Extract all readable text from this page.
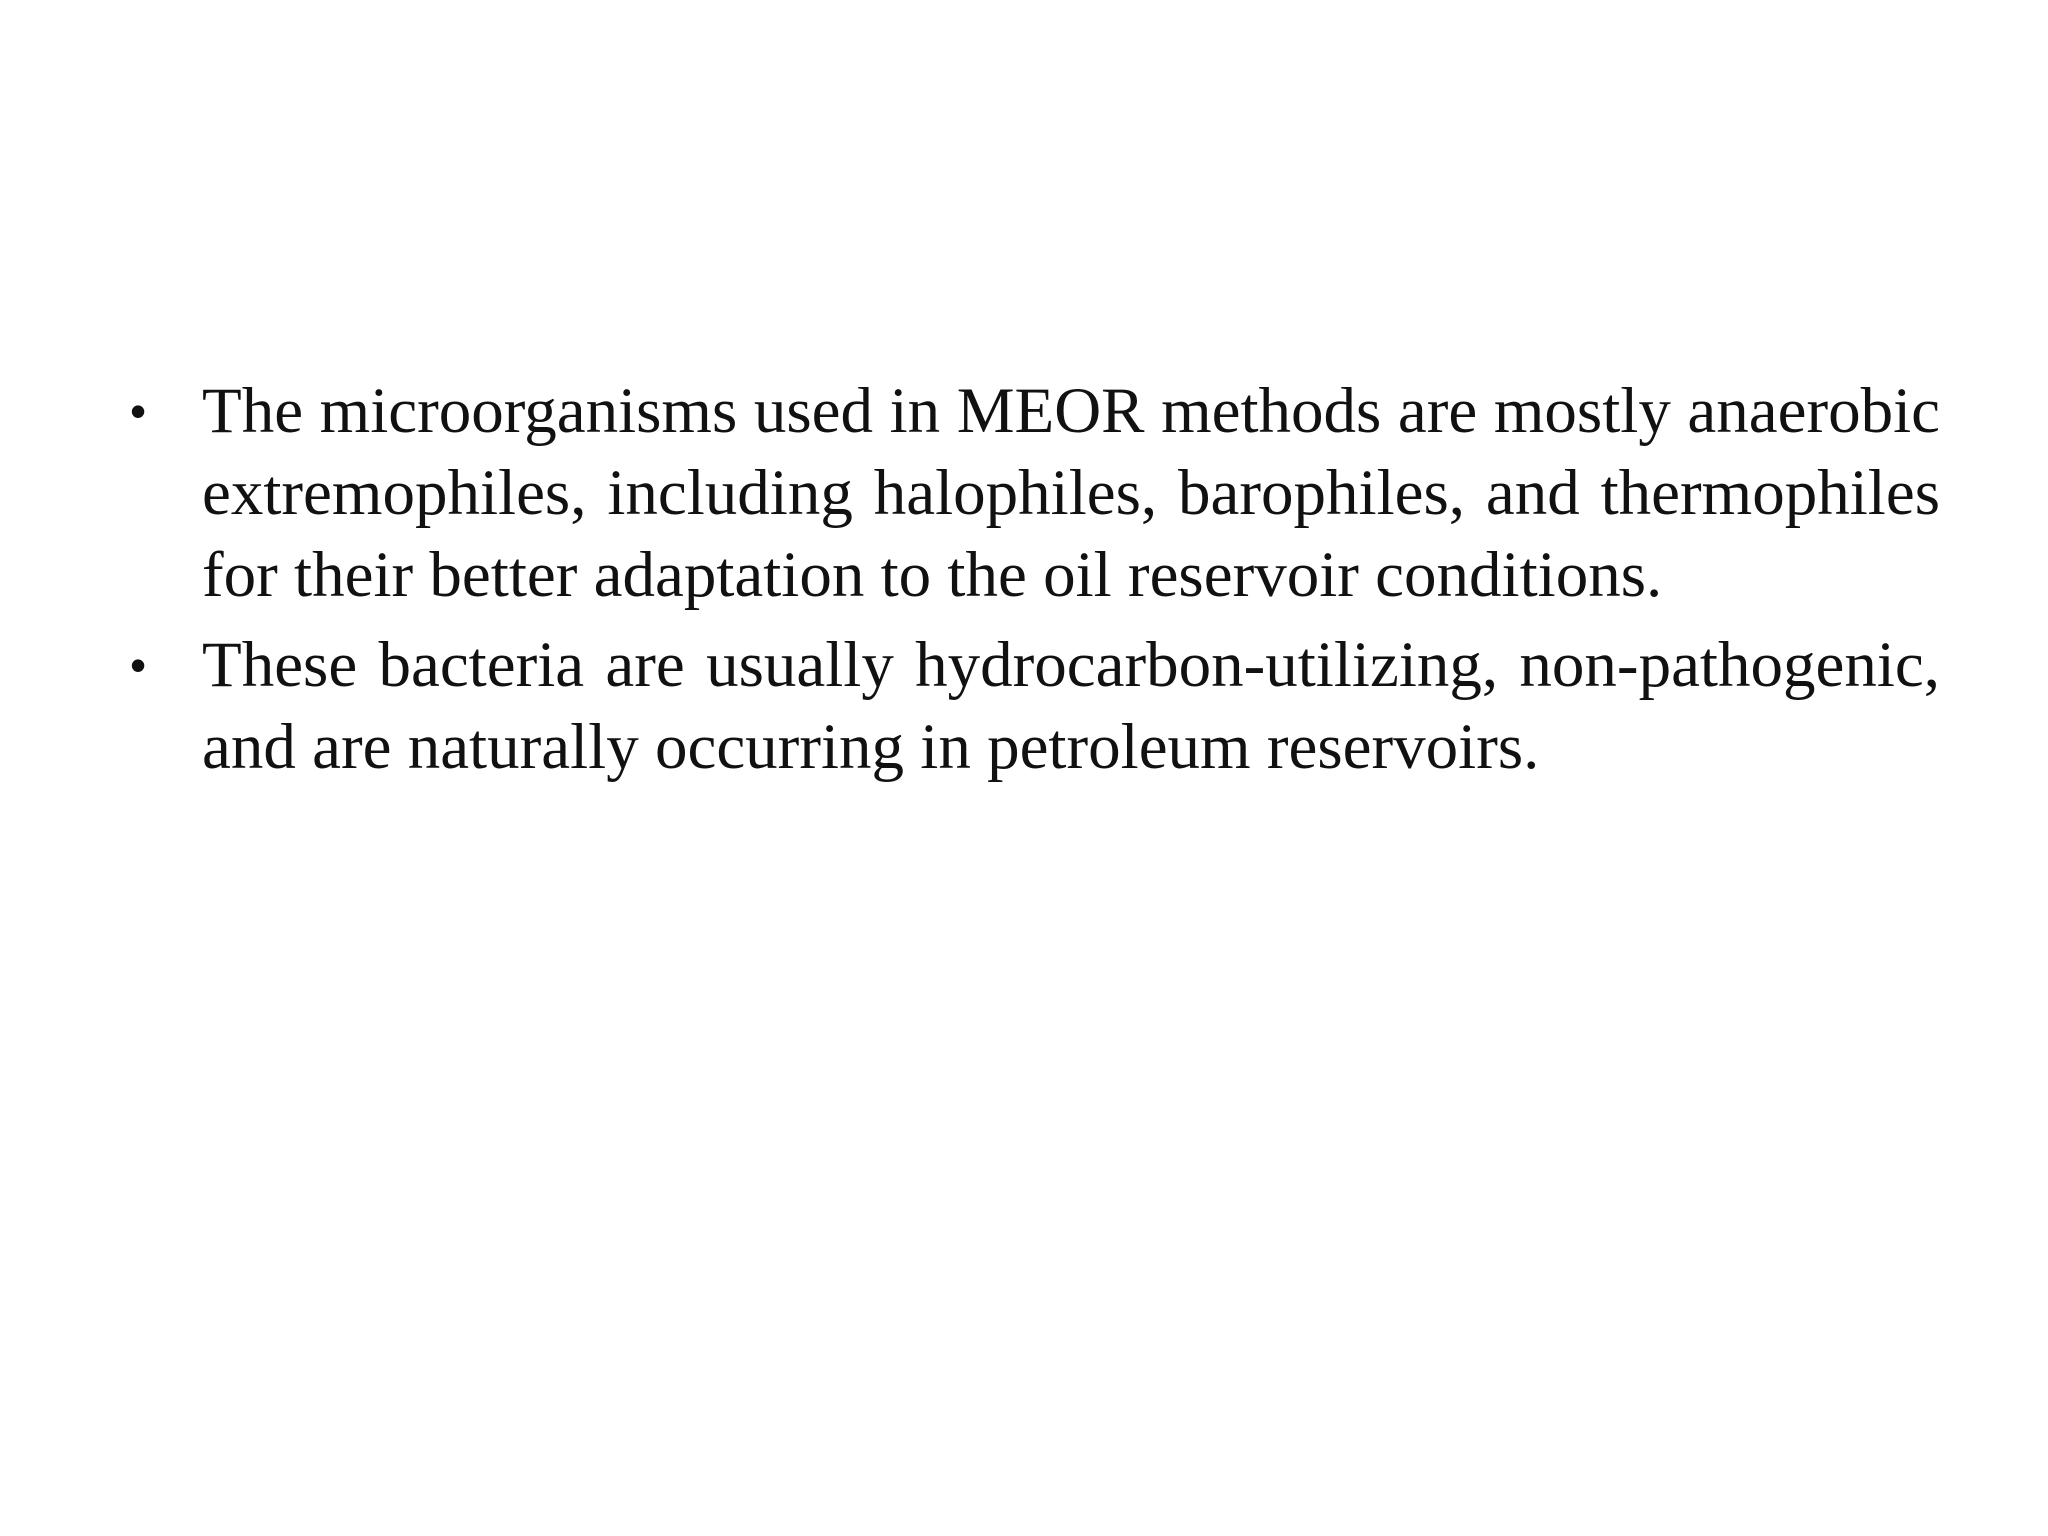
• The microorganisms used in MEOR methods are mostly anaerobic extremophiles, including halophiles, barophiles, and thermophiles for their better adaptation to the oil reservoir conditions.
• These bacteria are usually hydrocarbon-utilizing, non-pathogenic, and are naturally occurring in petroleum reservoirs.
